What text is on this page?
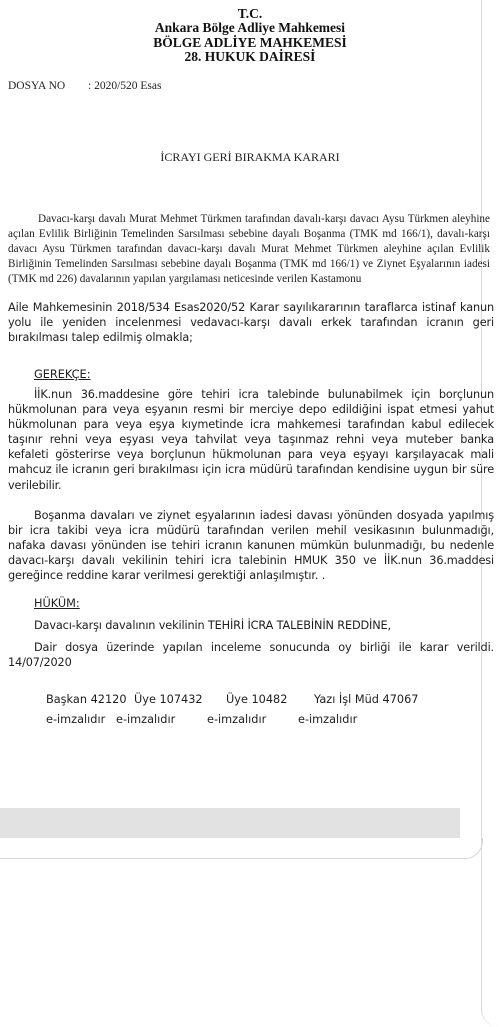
T.C.
Ankara Bölge Adliye Mahkemesi
BÖLGE ADLİYE MAHKEMESİ
28. HUKUK DAİRESİ
DOSYA NO : 2020/520 Esas
İCRAYI GERİ BIRAKMA KARARI
Davacı-karşı davalı Murat Mehmet Türkmen tarafından davalı-karşı davacı Aysu Türkmen aleyhine açılan Evlilik Birliğinin Temelinden Sarsılması sebebine dayalı Boşanma (TMK md 166/1), davalı-karşı davacı Aysu Türkmen tarafından davacı-karşı davalı Murat Mehmet Türkmen aleyhine açılan Evlilik Birliğinin Temelinden Sarsılması sebebine dayalı Boşanma (TMK md 166/1) ve Ziynet Eşyalarının iadesi (TMK md 226) davalarının yapılan yargılaması neticesinde verilen Kastamonu
Aile Mahkemesinin 2018/534 Esas2020/52 Karar sayılıkararının taraflarca istinaf kanun yolu ile yeniden incelenmesi vedavacı-karşı davalı erkek tarafından icranın geri bırakılması talep edilmiş olmakla;
GEREKÇE:
İİK.nun 36.maddesine göre tehiri icra talebinde bulunabilmek için borçlunun hükmolunan para veya eşyanın resmi bir merciye depo edildiğini ispat etmesi yahut hükmolunan para veya eşya kıymetinde icra mahkemesi tarafından kabul edilecek taşınır rehni veya eşyası veya tahvilat veya taşınmaz rehni veya muteber banka kefaleti gösterirse veya borçlunun hükmolunan para veya eşyayı karşılayacak mali mahcuz ile icranın geri bırakılması için icra müdürü tarafından kendisine uygun bir süre verilebilir.
Boşanma davaları ve ziynet eşyalarının iadesi davası yönünden dosyada yapılmış bir icra takibi veya icra müdürü tarafından verilen mehil vesikasının bulunmadığı, nafaka davası yönünden ise tehiri icranın kanunen mümkün bulunmadığı, bu nedenle davacı-karşı davalı vekilinin tehiri icra talebinin HMUK 350 ve İİK.nun 36.maddesi gereğince reddine karar verilmesi gerektiği anlaşılmıştır. .
HÜKÜM:
Davacı-karşı davalının vekilinin TEHİRİ İCRA TALEBİNİN REDDİNE,
Dair dosya üzerinde yapılan inceleme sonucunda oy birliği ile karar verildi. 14/07/2020
Başkan 42120 Üye 107432 Üye 10482 Yazı İşl Müd 47067
e-imzalıdır e-imzalıdır	e-imzalıdır	e-imzalıdır
